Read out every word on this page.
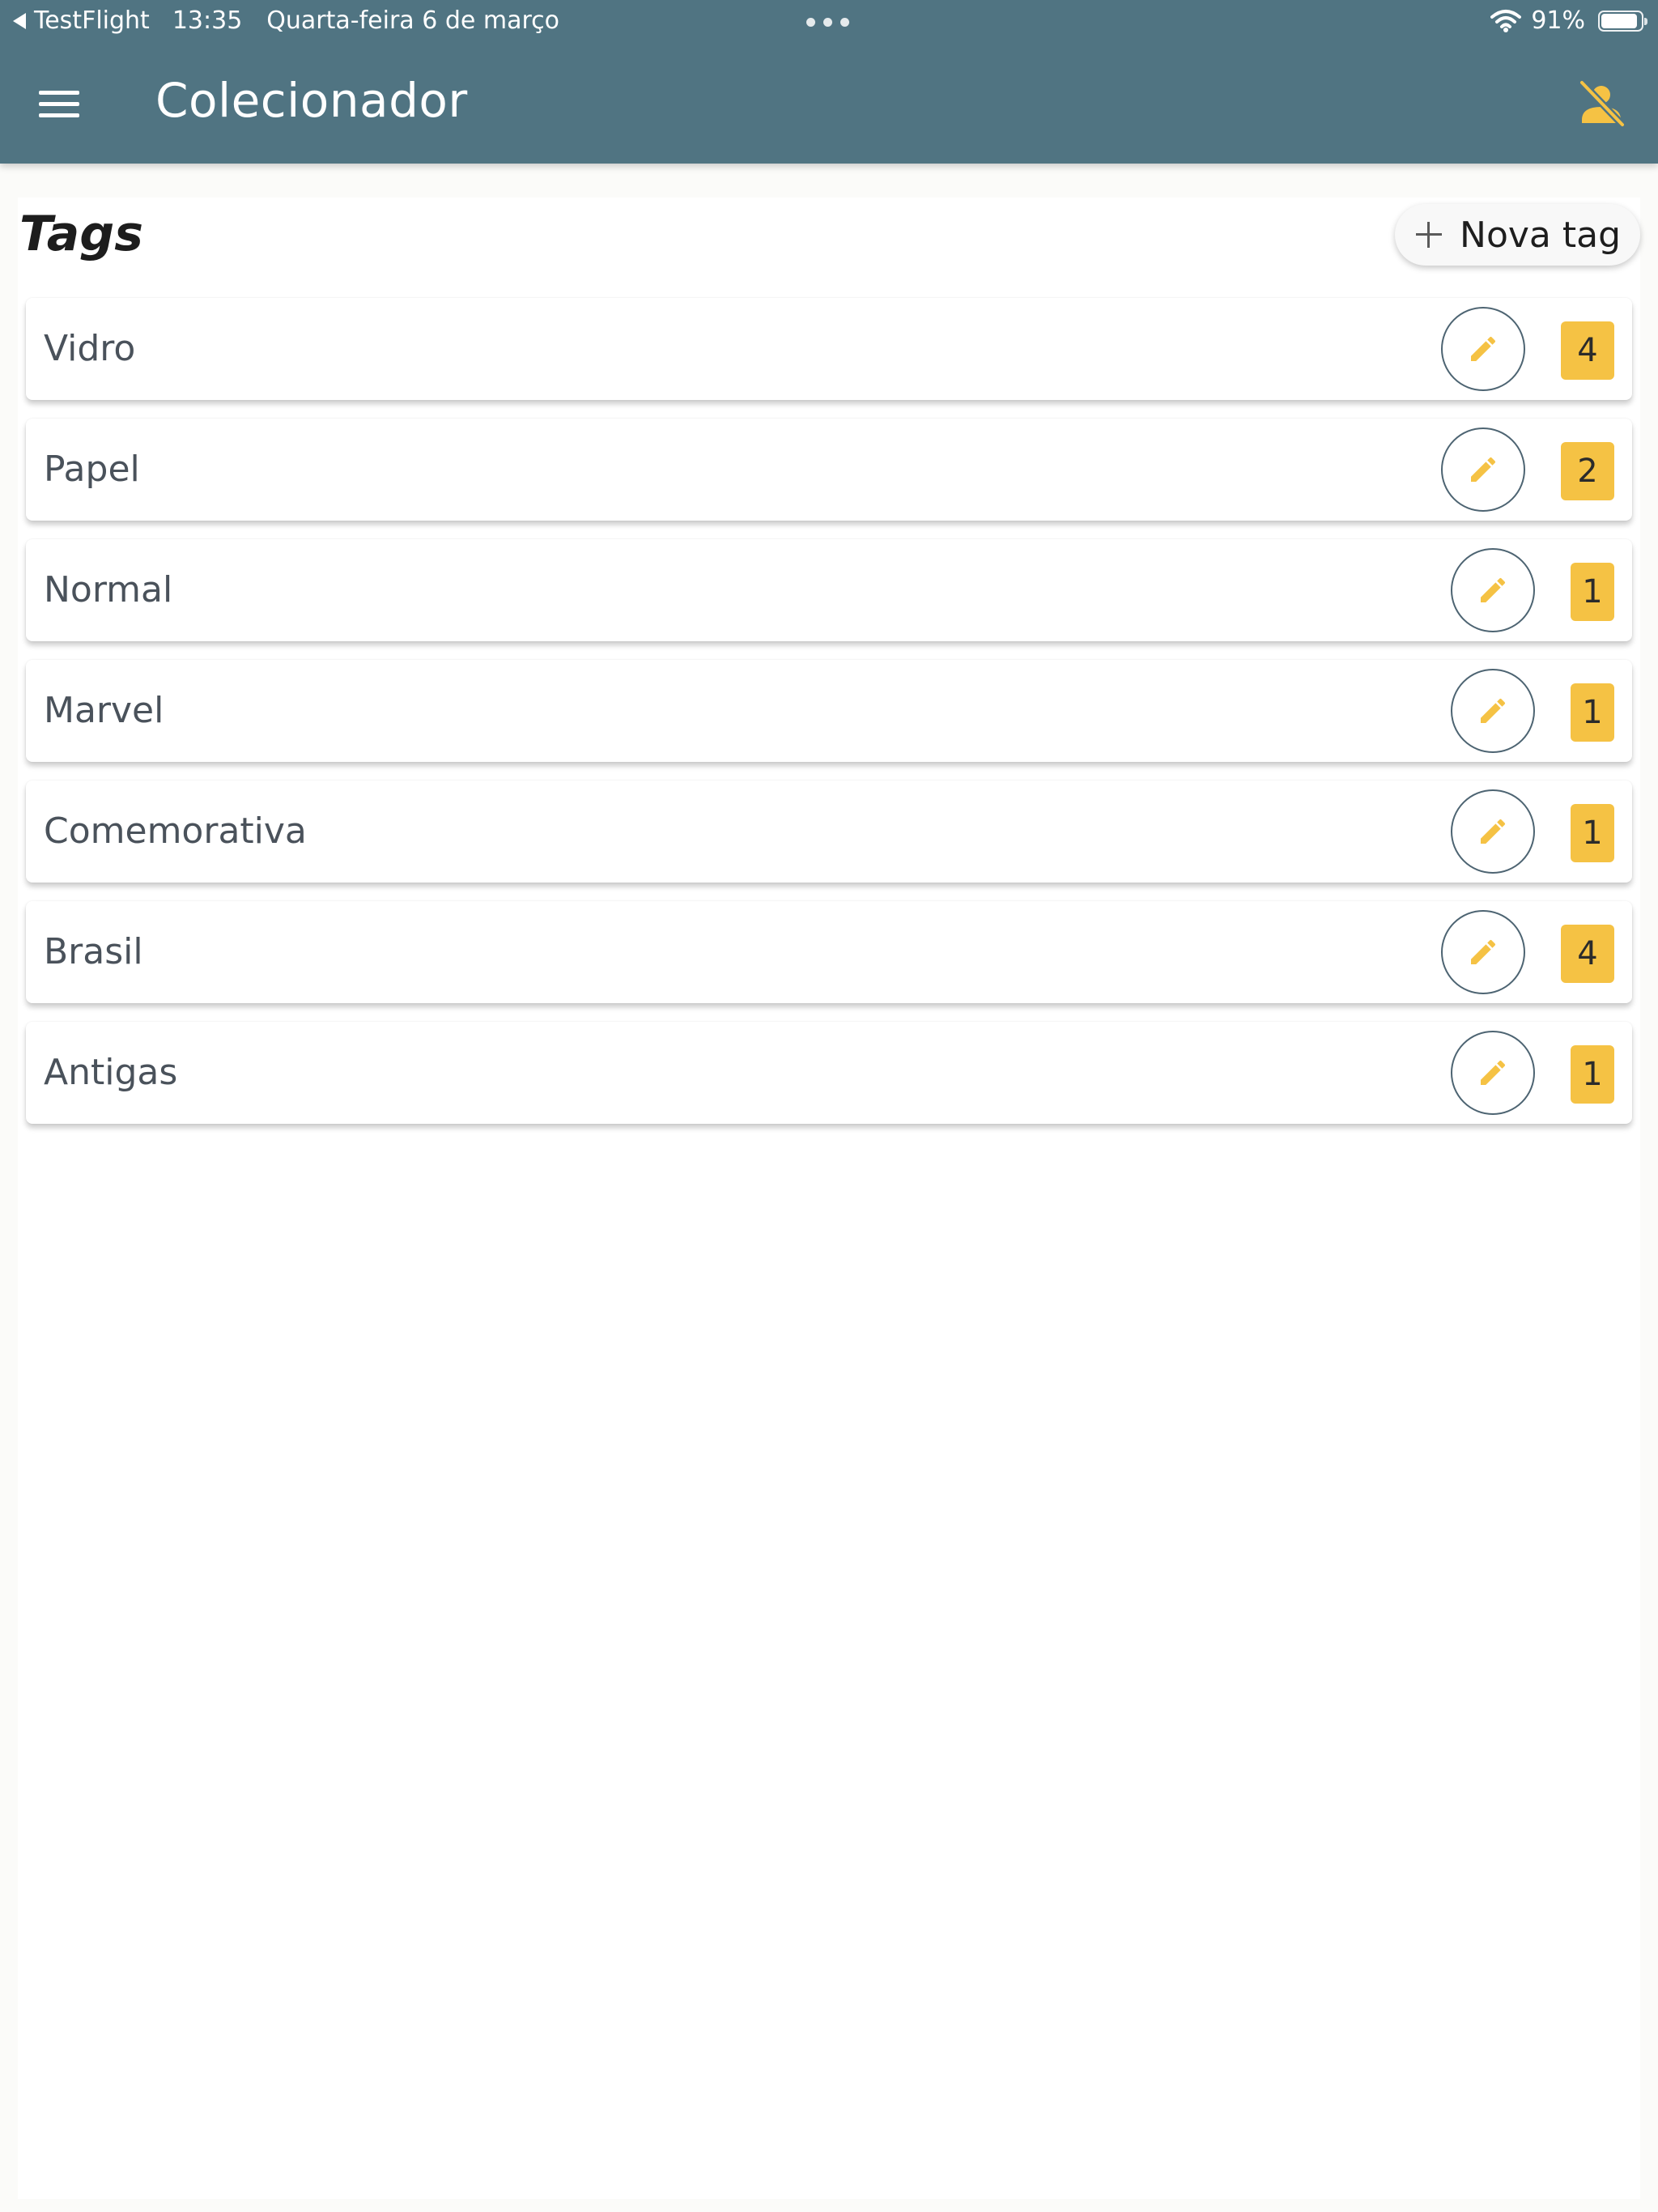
TestFlight 13:35 Quarta-feira 6 de março	91%
Colecionador
Tags	Nova tag
Vidro	4
Papel	2
Normal	1
Marvel	1
Comemorativa	1
Brasil	4
Antigas	1
